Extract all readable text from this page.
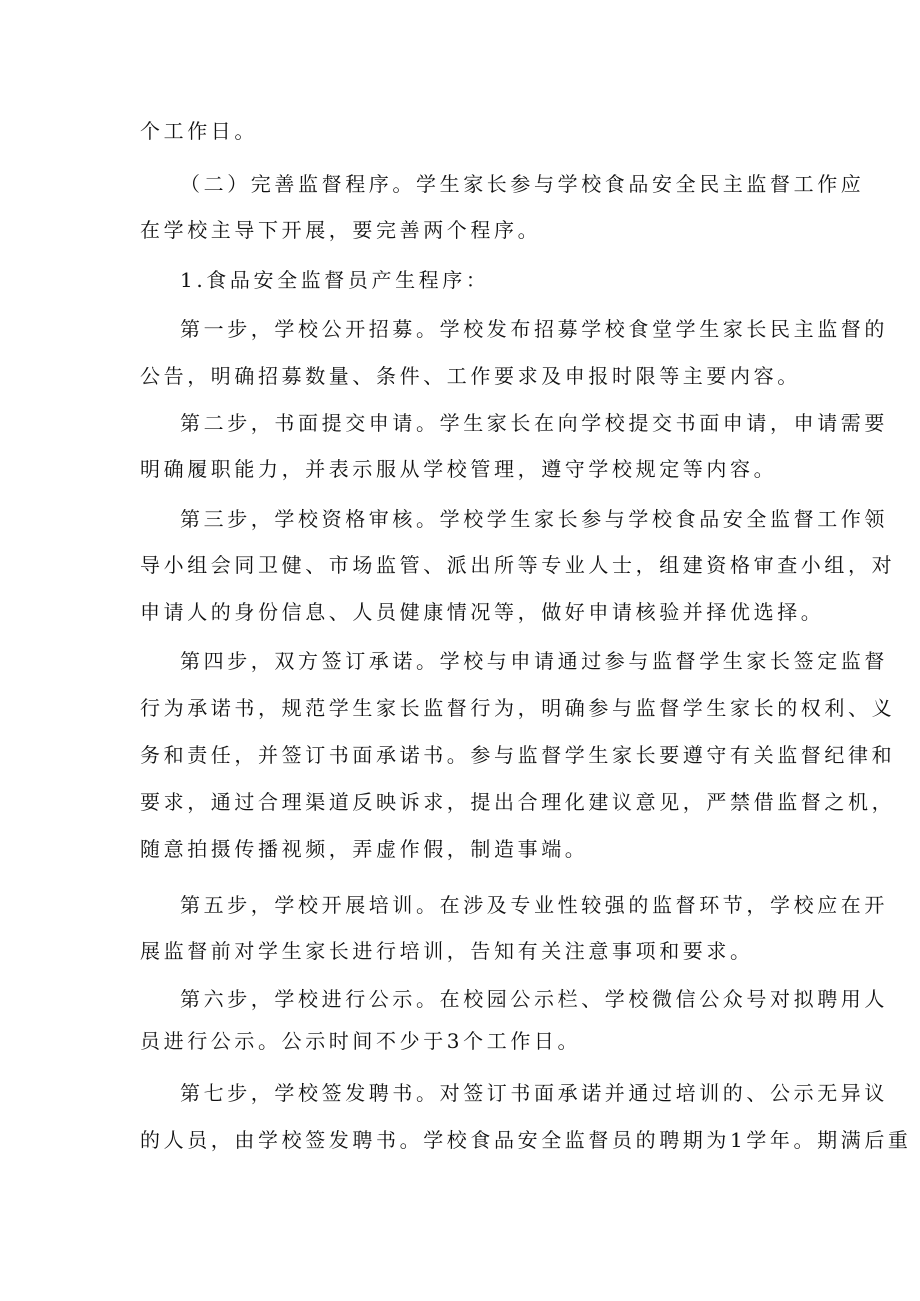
个工作日。
（二）完善监督程序。学生家长参与学校食品安全民主监督工作应
在学校主导下开展，要完善两个程序。
1.食品安全监督员产生程序：
第一步，学校公开招募。学校发布招募学校食堂学生家长民主监督的
公告，明确招募数量、条件、工作要求及申报时限等主要内容。
第二步，书面提交申请。学生家长在向学校提交书面申请，申请需要
明确履职能力，并表示服从学校管理，遵守学校规定等内容。
第三步，学校资格审核。学校学生家长参与学校食品安全监督工作领
导小组会同卫健、市场监管、派出所等专业人士，组建资格审查小组，对
申请人的身份信息、人员健康情况等，做好申请核验并择优选择。
第四步，双方签订承诺。学校与申请通过参与监督学生家长签定监督
行为承诺书，规范学生家长监督行为，明确参与监督学生家长的权利、义
务和责任，并签订书面承诺书。参与监督学生家长要遵守有关监督纪律和
要求，通过合理渠道反映诉求，提出合理化建议意见，严禁借监督之机，
随意拍摄传播视频，弄虚作假，制造事端。
第五步，学校开展培训。在涉及专业性较强的监督环节，学校应在开
展监督前对学生家长进行培训，告知有关注意事项和要求。
第六步，学校进行公示。在校园公示栏、学校微信公众号对拟聘用人
员进行公示。公示时间不少于3个工作日。
第七步，学校签发聘书。对签订书面承诺并通过培训的、公示无异议
的人员，由学校签发聘书。学校食品安全监督员的聘期为1学年。期满后重
